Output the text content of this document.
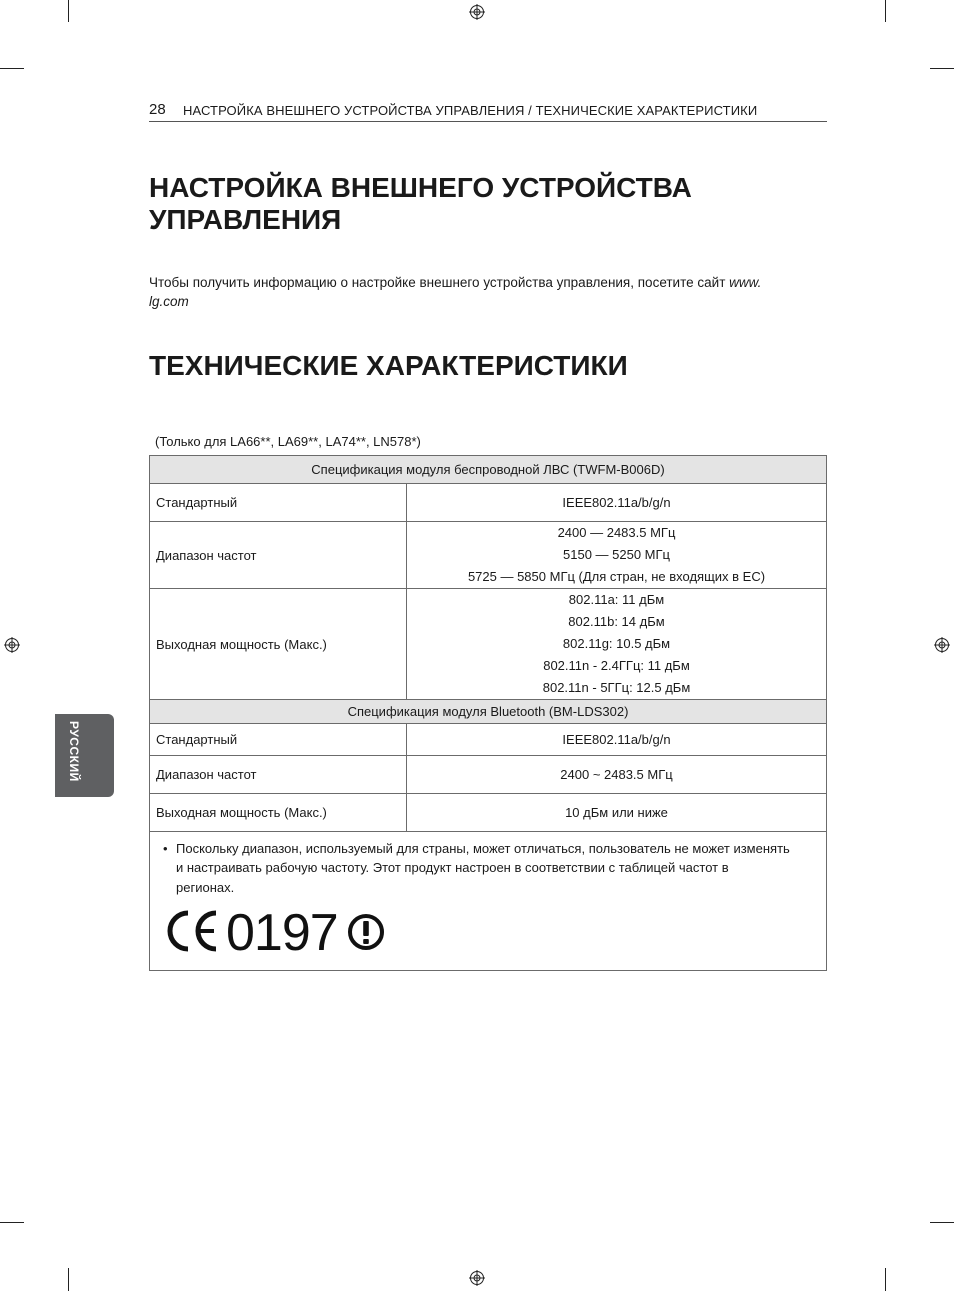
28 НАСТРОЙКА ВНЕШНЕГО УСТРОЙСТВА УПРАВЛЕНИЯ / ТЕХНИЧЕСКИЕ ХАРАКТЕРИСТИКИ
НАСТРОЙКА ВНЕШНЕГО УСТРОЙСТВА
УПРАВЛЕНИЯ
Чтобы получить информацию о настройке внешнего устройства управления, посетите сайт www.
lg.com
ТЕХНИЧЕСКИЕ ХАРАКТЕРИСТИКИ
(Только для LA66**, LA69**, LA74**, LN578*)
Спецификация модуля беспроводной ЛВС (TWFM-B006D)	
Стандартный	IEEE802.11a/b/g/n
Диапазон частот	2400 — 2483.5 МГц
5150 — 5250 МГц
5725 — 5850 МГц (Для стран, не входящих в ЕС)

Выходная мощность (Макс.)	802.11a: 11 дБм
802.11b: 14 дБм
802.11g: 10.5 дБм
802.11n - 2.4ГГц: 11 дБм
802.11n - 5ГГц: 12.5 дБм

Спецификация модуля Bluetooth (BM-LDS302)	
Стандартный	IEEE802.11a/b/g/n
Диапазон частот	2400 ~ 2483.5 МГц
Выходная мощность (Макс.)	10 дБм или ниже

• Поскольку диапазон, используемый для страны, может отличаться, пользователь не может изменять и настраивать рабочую частоту. Этот продукт настроен в соответствии с таблицей частот в регионах.
0197	
РУССКИЙ
